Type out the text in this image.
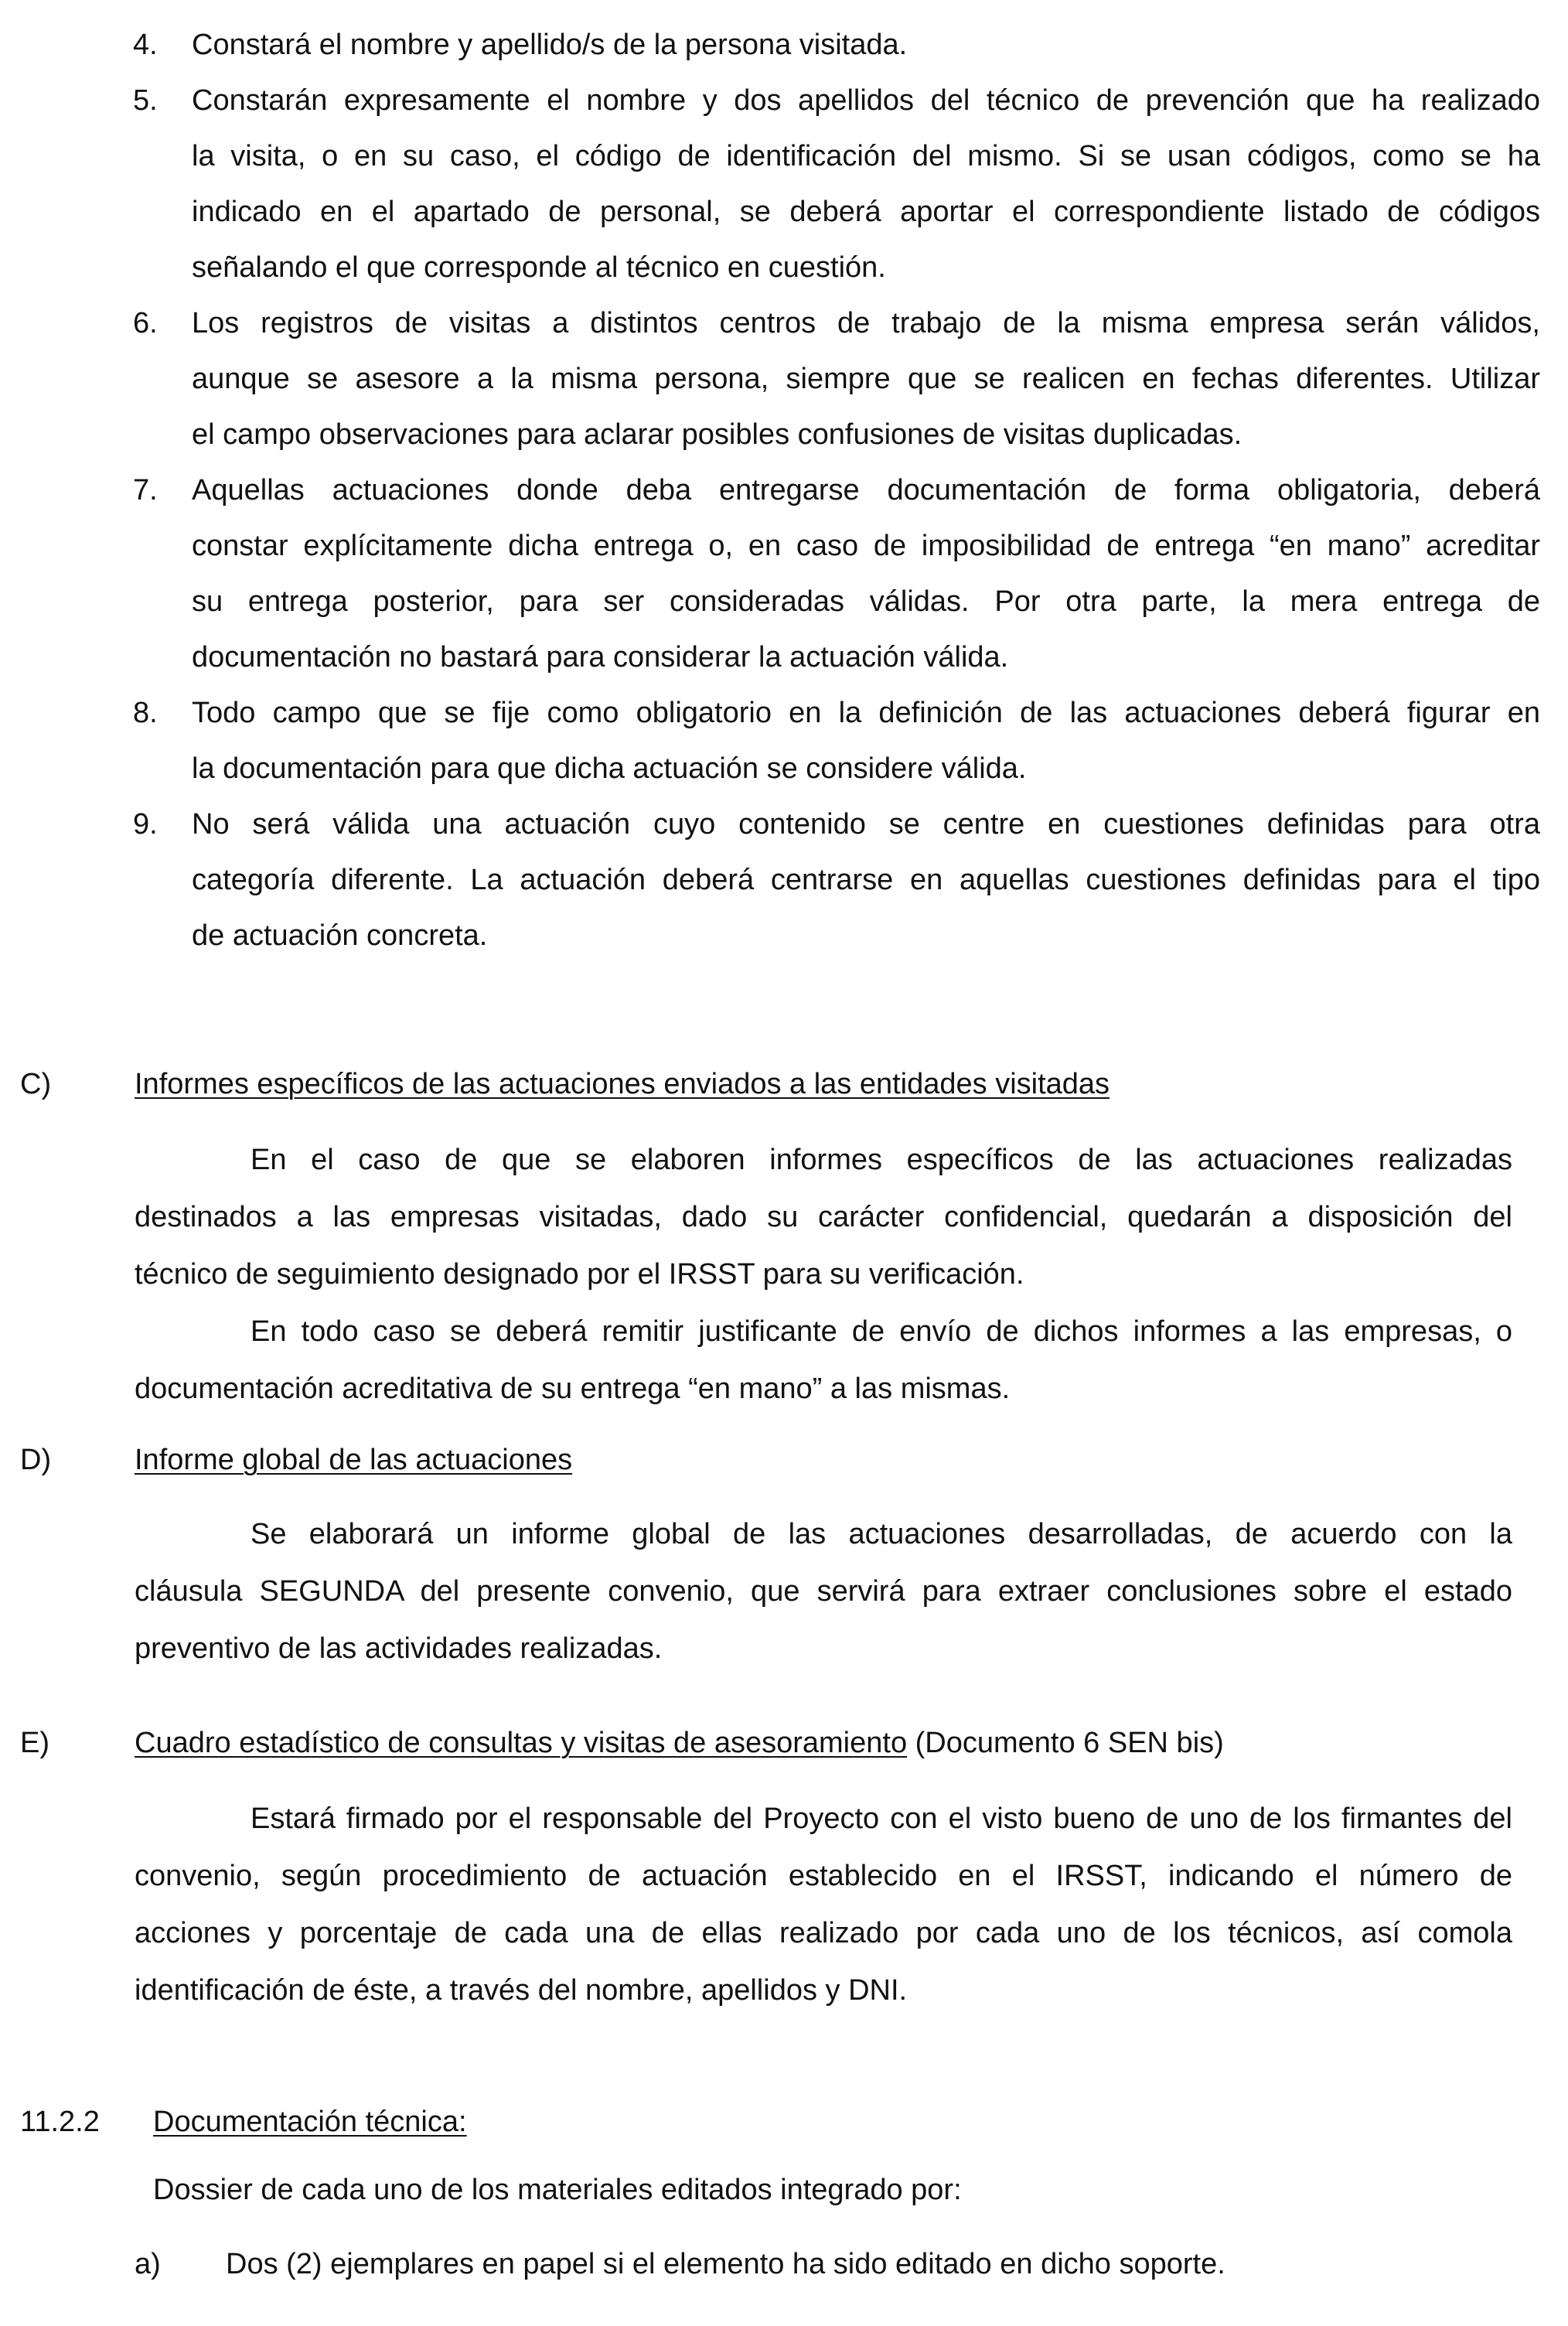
4. Constará el nombre y apellido/s de la persona visitada.
5. Constarán expresamente el nombre y dos apellidos del técnico de prevención que ha realizado
la visita, o en su caso, el código de identificación del mismo. Si se usan códigos, como se ha
indicado en el apartado de personal, se deberá aportar el correspondiente listado de códigos
señalando el que corresponde al técnico en cuestión.
6. Los registros de visitas a distintos centros de trabajo de la misma empresa serán válidos,
aunque se asesore a la misma persona, siempre que se realicen en fechas diferentes. Utilizar
el campo observaciones para aclarar posibles confusiones de visitas duplicadas.
7. Aquellas actuaciones donde deba entregarse documentación de forma obligatoria, deberá
constar explícitamente dicha entrega o, en caso de imposibilidad de entrega “en mano” acreditar
su entrega posterior, para ser consideradas válidas. Por otra parte, la mera entrega de
documentación no bastará para considerar la actuación válida.
8. Todo campo que se fije como obligatorio en la definición de las actuaciones deberá figurar en
la documentación para que dicha actuación se considere válida.
9. No será válida una actuación cuyo contenido se centre en cuestiones definidas para otra
categoría diferente. La actuación deberá centrarse en aquellas cuestiones definidas para el tipo
de actuación concreta.
C)	Informes específicos de las actuaciones enviados a las entidades visitadas
En el caso de que se elaboren informes específicos de las actuaciones realizadas
destinados a las empresas visitadas, dado su carácter confidencial, quedarán a disposición del
técnico de seguimiento designado por el IRSST para su verificación.
En todo caso se deberá remitir justificante de envío de dichos informes a las empresas, o
documentación acreditativa de su entrega “en mano” a las mismas.
D)	Informe global de las actuaciones
Se elaborará un informe global de las actuaciones desarrolladas, de acuerdo con la
cláusula SEGUNDA del presente convenio, que servirá para extraer conclusiones sobre el estado
preventivo de las actividades realizadas.
E)	Cuadro estadístico de consultas y visitas de asesoramiento (Documento 6 SEN bis)
Estará firmado por el responsable del Proyecto con el visto bueno de uno de los firmantes del
convenio, según procedimiento de actuación establecido en el IRSST, indicando el número de
acciones y porcentaje de cada una de ellas realizado por cada uno de los técnicos, así comola
identificación de éste, a través del nombre, apellidos y DNI.
11.2.2 Documentación técnica:
Dossier de cada uno de los materiales editados integrado por:
a) Dos (2) ejemplares en papel si el elemento ha sido editado en dicho soporte.
